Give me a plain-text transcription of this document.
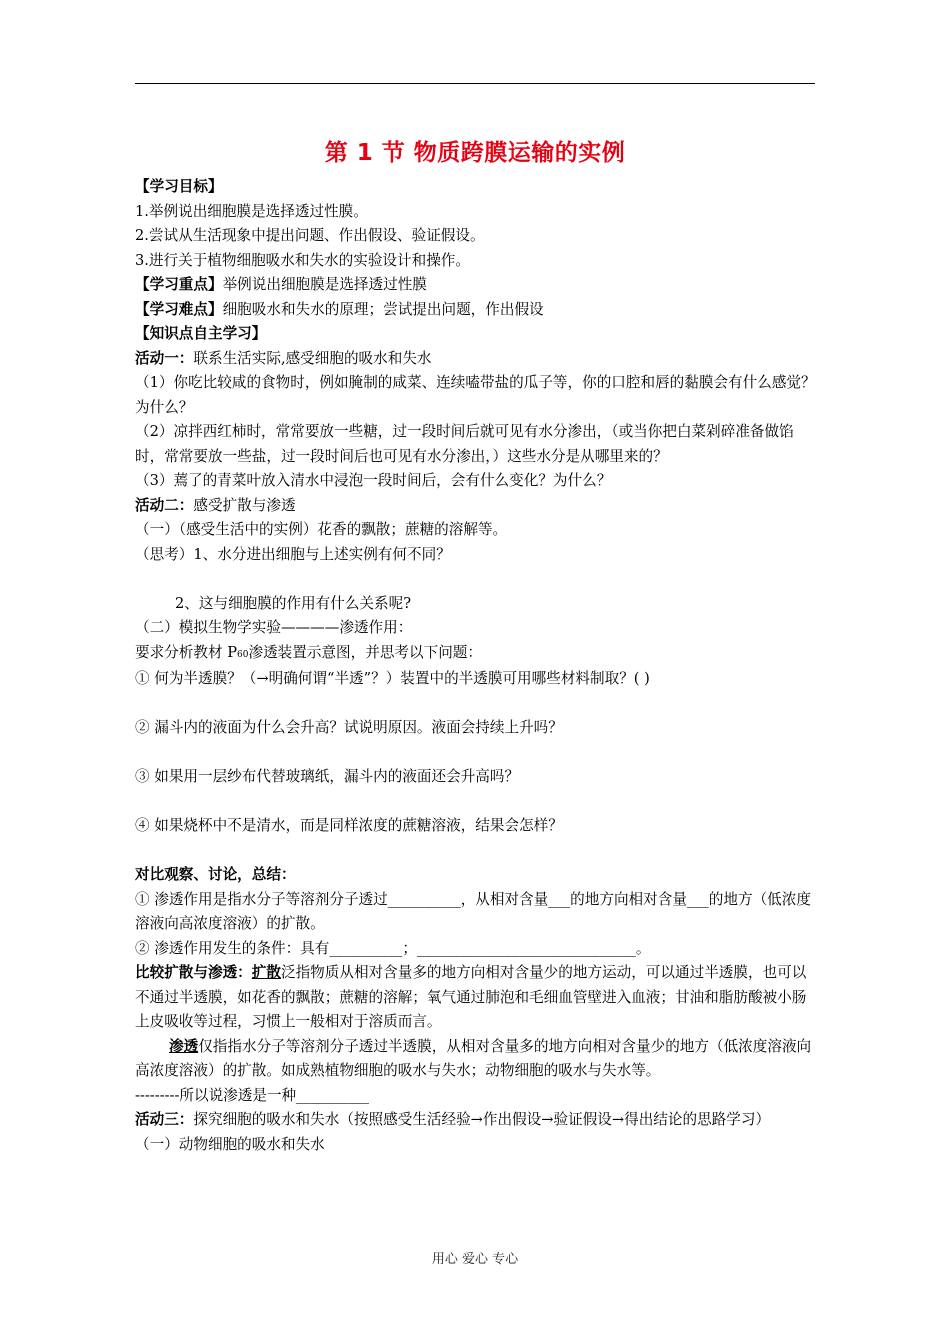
第 1 节 物质跨膜运输的实例

【学习目标】

1.举例说出细胞膜是选择透过性膜。

2.尝试从生活现象中提出问题、作出假设、验证假设。

3.进行关于植物细胞吸水和失水的实验设计和操作。

【学习重点】举例说出细胞膜是选择透过性膜

【学习难点】细胞吸水和失水的原理；尝试提出问题，作出假设

【知识点自主学习】

活动一：联系生活实际,感受细胞的吸水和失水

（1）你吃比较咸的食物时，例如腌制的咸菜、连续嗑带盐的瓜子等，你的口腔和唇的黏膜会有什么感觉？为什么？

（2）凉拌西红柿时，常常要放一些糖，过一段时间后就可见有水分渗出，（或当你把白菜剁碎准备做馅时，常常要放一些盐，过一段时间后也可见有水分渗出，）这些水分是从哪里来的？

（3）蔫了的青菜叶放入清水中浸泡一段时间后，会有什么变化？为什么？

活动二：感受扩散与渗透

（一）（感受生活中的实例）花香的飘散；蔗糖的溶解等。

（思考）1、水分进出细胞与上述实例有何不同？

2、这与细胞膜的作用有什么关系呢?

（二）模拟生物学实验————渗透作用：

要求分析教材 P60渗透装置示意图，并思考以下问题：

① 何为半透膜？（→明确何谓“半透”？）装置中的半透膜可用哪些材料制取？( )

② 漏斗内的液面为什么会升高？试说明原因。液面会持续上升吗？

③ 如果用一层纱布代替玻璃纸，漏斗内的液面还会升高吗？

④ 如果烧杯中不是清水，而是同样浓度的蔗糖溶液，结果会怎样？

对比观察、讨论，总结：

① 渗透作用是指水分子等溶剂分子透过__________，从相对含量___的地方向相对含量___的地方（低浓度溶液向高浓度溶液）的扩散。

② 渗透作用发生的条件：具有__________；______________________________。

比较扩散与渗透：扩散泛指物质从相对含量多的地方向相对含量少的地方运动，可以通过半透膜，也可以不通过半透膜，如花香的飘散；蔗糖的溶解；氧气通过肺泡和毛细血管壁进入血液；甘油和脂肪酸被小肠上皮吸收等过程，习惯上一般相对于溶质而言。

渗透仅指指水分子等溶剂分子透过半透膜，从相对含量多的地方向相对含量少的地方（低浓度溶液向高浓度溶液）的扩散。如成熟植物细胞的吸水与失水；动物细胞的吸水与失水等。

---------所以说渗透是一种__________

活动三：探究细胞的吸水和失水（按照感受生活经验→作出假设→验证假设→得出结论的思路学习）

（一）动物细胞的吸水和失水

用心 爱心 专心
